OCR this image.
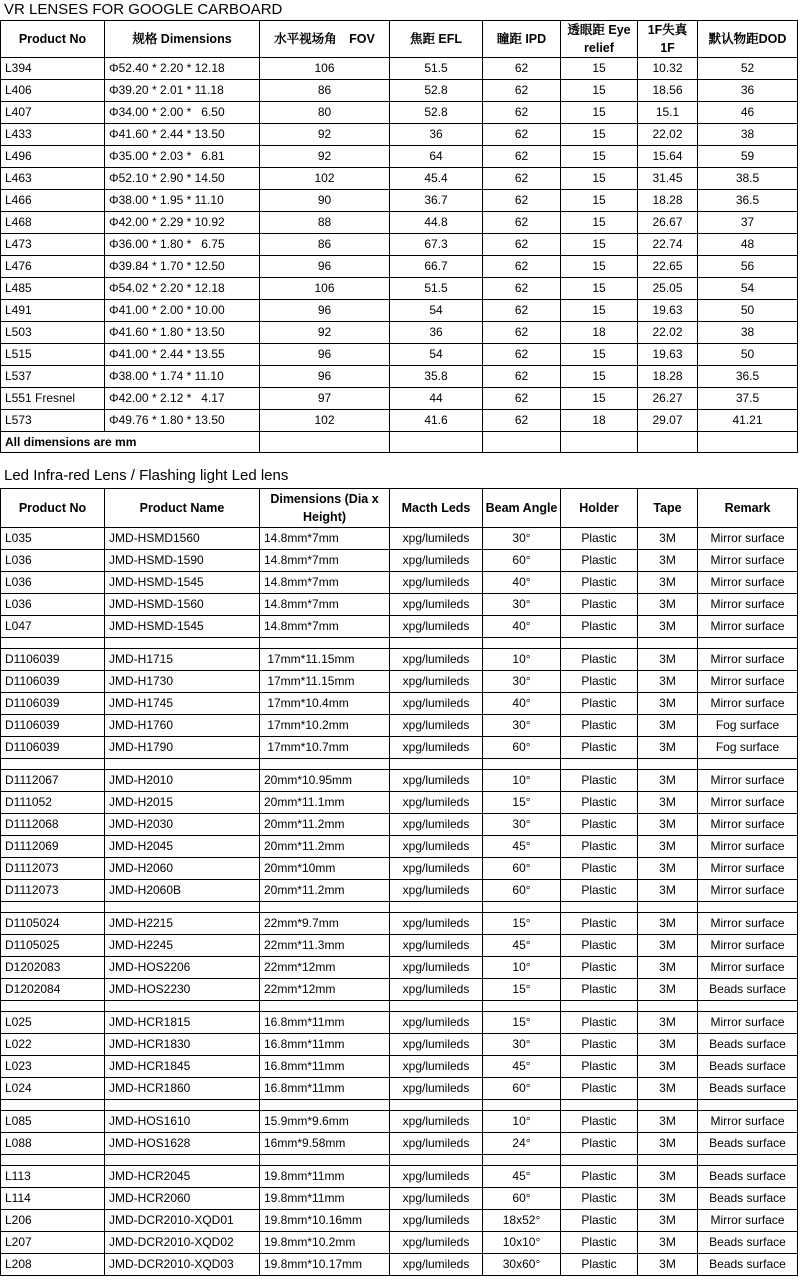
VR LENSES FOR GOOGLE CARBOARD
Product No	规格 Dimensions	水平视场角　FOV	焦距 EFL	瞳距 IPD	透眼距 Eye relief	1F失真 1F	默认物距DOD
L394	Φ52.40 * 2.20 * 12.18	106	51.5	62	15	10.32	52
L406	Φ39.20 * 2.01 * 11.18	86	52.8	62	15	18.56	36
L407	Φ34.00 * 2.00 *   6.50	80	52.8	62	15	15.1	46
L433	Φ41.60 * 2.44 * 13.50	92	36	62	15	22.02	38
L496	Φ35.00 * 2.03 *   6.81	92	64	62	15	15.64	59
L463	Φ52.10 * 2.90 * 14.50	102	45.4	62	15	31.45	38.5
L466	Φ38.00 * 1.95 * 11.10	90	36.7	62	15	18.28	36.5
L468	Φ42.00 * 2.29 * 10.92	88	44.8	62	15	26.67	37
L473	Φ36.00 * 1.80 *   6.75	86	67.3	62	15	22.74	48
L476	Φ39.84 * 1.70 * 12.50	96	66.7	62	15	22.65	56
L485	Φ54.02 * 2.20 * 12.18	106	51.5	62	15	25.05	54
L491	Φ41.00 * 2.00 * 10.00	96	54	62	15	19.63	50
L503	Φ41.60 * 1.80 * 13.50	92	36	62	18	22.02	38
L515	Φ41.00 * 2.44 * 13.55	96	54	62	15	19.63	50
L537	Φ38.00 * 1.74 * 11.10	96	35.8	62	15	18.28	36.5
L551 Fresnel	Φ42.00 * 2.12 *   4.17	97	44	62	15	26.27	37.5
L573	Φ49.76 * 1.80 * 13.50	102	41.6	62	18	29.07	41.21
All dimensions are mm							
Led Infra-red Lens / Flashing light Led lens
Product No	Product Name	Dimensions (Dia x Height)	Macth Leds	Beam Angle	Holder	Tape	Remark
L035	JMD-HSMD1560	14.8mm*7mm	xpg/lumileds	30°	Plastic	3M	Mirror surface
L036	JMD-HSMD-1590	14.8mm*7mm	xpg/lumileds	60°	Plastic	3M	Mirror surface
L036	JMD-HSMD-1545	14.8mm*7mm	xpg/lumileds	40°	Plastic	3M	Mirror surface
L036	JMD-HSMD-1560	14.8mm*7mm	xpg/lumileds	30°	Plastic	3M	Mirror surface
L047	JMD-HSMD-1545	14.8mm*7mm	xpg/lumileds	40°	Plastic	3M	Mirror surface

D1106039	JMD-H1715	17mm*11.15mm	xpg/lumileds	10°	Plastic	3M	Mirror surface
D1106039	JMD-H1730	17mm*11.15mm	xpg/lumileds	30°	Plastic	3M	Mirror surface
D1106039	JMD-H1745	17mm*10.4mm	xpg/lumileds	40°	Plastic	3M	Mirror surface
D1106039	JMD-H1760	17mm*10.2mm	xpg/lumileds	30°	Plastic	3M	Fog surface
D1106039	JMD-H1790	17mm*10.7mm	xpg/lumileds	60°	Plastic	3M	Fog surface

D1112067	JMD-H2010	20mm*10.95mm	xpg/lumileds	10°	Plastic	3M	Mirror surface
D111052	JMD-H2015	20mm*11.1mm	xpg/lumileds	15°	Plastic	3M	Mirror surface
D1112068	JMD-H2030	20mm*11.2mm	xpg/lumileds	30°	Plastic	3M	Mirror surface
D1112069	JMD-H2045	20mm*11.2mm	xpg/lumileds	45°	Plastic	3M	Mirror surface
D1112073	JMD-H2060	20mm*10mm	xpg/lumileds	60°	Plastic	3M	Mirror surface
D1112073	JMD-H2060B	20mm*11.2mm	xpg/lumileds	60°	Plastic	3M	Mirror surface

D1105024	JMD-H2215	22mm*9.7mm	xpg/lumileds	15°	Plastic	3M	Mirror surface
D1105025	JMD-H2245	22mm*11.3mm	xpg/lumileds	45°	Plastic	3M	Mirror surface
D1202083	JMD-HOS2206	22mm*12mm	xpg/lumileds	10°	Plastic	3M	Mirror surface
D1202084	JMD-HOS2230	22mm*12mm	xpg/lumileds	15°	Plastic	3M	Beads surface

L025	JMD-HCR1815	16.8mm*11mm	xpg/lumileds	15°	Plastic	3M	Mirror surface
L022	JMD-HCR1830	16.8mm*11mm	xpg/lumileds	30°	Plastic	3M	Beads surface
L023	JMD-HCR1845	16.8mm*11mm	xpg/lumileds	45°	Plastic	3M	Beads surface
L024	JMD-HCR1860	16.8mm*11mm	xpg/lumileds	60°	Plastic	3M	Beads surface

L085	JMD-HOS1610	15.9mm*9.6mm	xpg/lumileds	10°	Plastic	3M	Mirror surface
L088	JMD-HOS1628	16mm*9.58mm	xpg/lumileds	24°	Plastic	3M	Beads surface

L113	JMD-HCR2045	19.8mm*11mm	xpg/lumileds	45°	Plastic	3M	Beads surface
L114	JMD-HCR2060	19.8mm*11mm	xpg/lumileds	60°	Plastic	3M	Beads surface
L206	JMD-DCR2010-XQD01	19.8mm*10.16mm	xpg/lumileds	18x52°	Plastic	3M	Mirror surface
L207	JMD-DCR2010-XQD02	19.8mm*10.2mm	xpg/lumileds	10x10°	Plastic	3M	Beads surface
L208	JMD-DCR2010-XQD03	19.8mm*10.17mm	xpg/lumileds	30x60°	Plastic	3M	Beads surface
